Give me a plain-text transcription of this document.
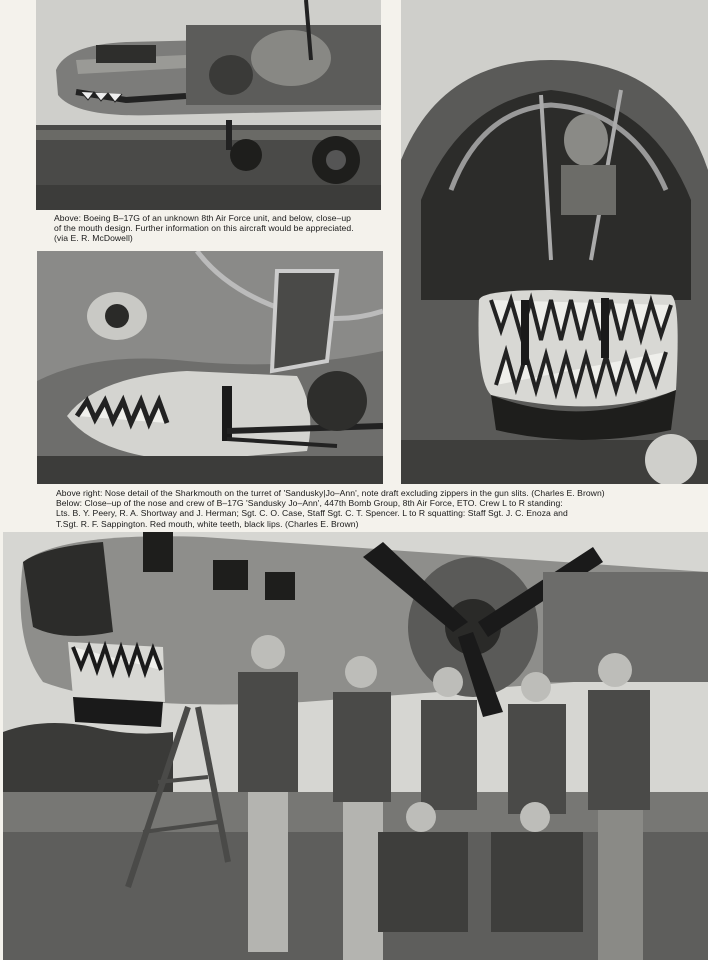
Above: Boeing B–17G of an unknown 8th Air Force unit, and below, close–up
of the mouth design. Further information on this aircraft would be appreciated.
(via E. R. McDowell)
Above right: Nose detail of the Sharkmouth on the turret of 'Sandusky|Jo–Ann', note draft excluding zippers in the gun slits. (Charles E. Brown)
Below: Close–up of the nose and crew of B–17G 'Sandusky Jo–Ann', 447th Bomb Group, 8th Air Force, ETO. Crew L to R standing:
Lts. B. Y. Peery, R. A. Shortway and J. Herman; Sgt. C. O. Case, Staff Sgt. C. T. Spencer. L to R squatting: Staff Sgt. J. C. Enoza and
T.Sgt. R. F. Sappington. Red mouth, white teeth, black lips. (Charles E. Brown)
